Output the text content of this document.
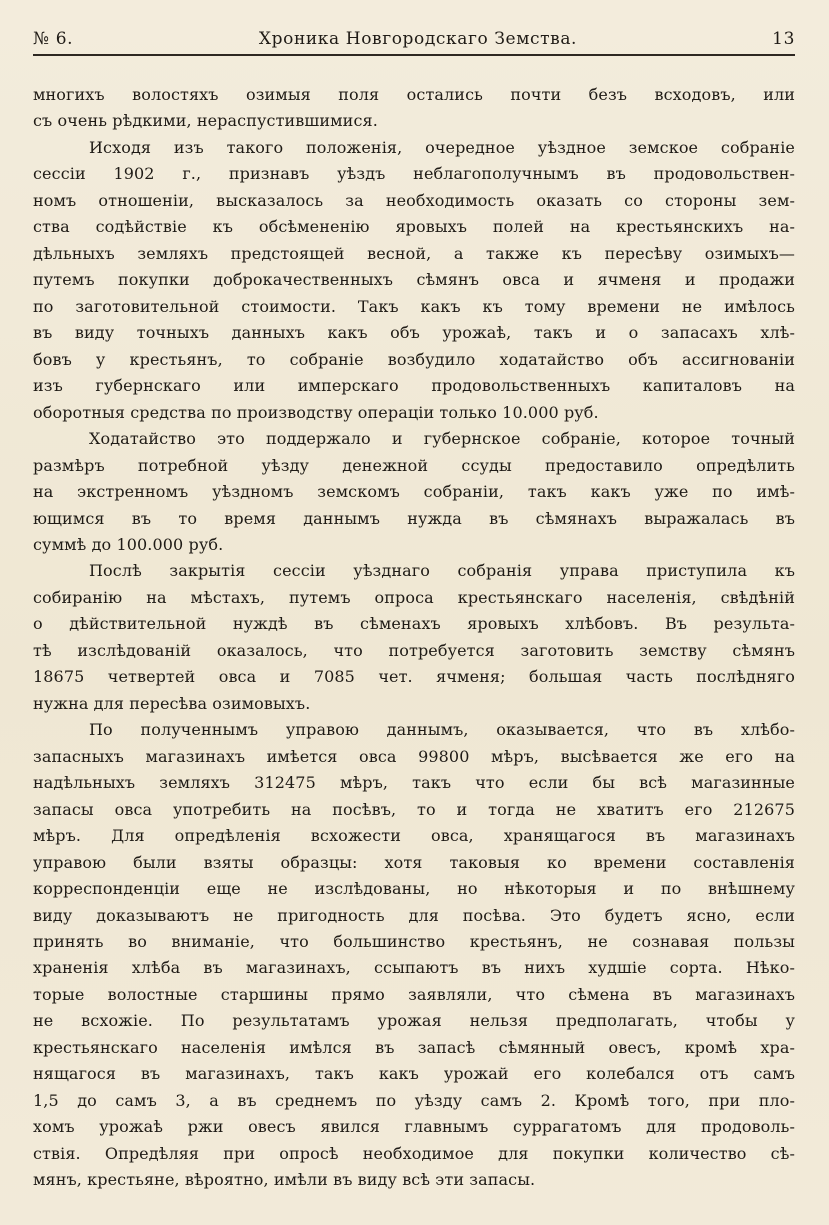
№ 6.	Хроника Новгородскаго Земства.	13
многихъ волостяхъ озимыя поля остались почти безъ всходовъ, или
съ очень рѣдкими, нераспустившимися.
Исходя изъ такого положенія, очередное уѣздное земское собраніе
сессіи 1902 г., признавъ уѣздъ неблагополучнымъ въ продовольствен-
номъ отношеніи, высказалось за необходимость оказать со стороны зем-
ства содѣйствіе къ обсѣмененію яровыхъ полей на крестьянскихъ на-
дѣльныхъ земляхъ предстоящей весной, а также къ пересѣву озимыхъ—
путемъ покупки доброкачественныхъ сѣмянъ овса и ячменя и продажи
по заготовительной стоимости. Такъ какъ къ тому времени не имѣлось
въ виду точныхъ данныхъ какъ объ урожаѣ, такъ и о запасахъ хлѣ-
бовъ у крестьянъ, то собраніе возбудило ходатайство объ ассигнованіи
изъ губернскаго или имперскаго продовольственныхъ капиталовъ на
оборотныя средства по производству операціи только 10.000 руб.
Ходатайство это поддержало и губернское собраніе, которое точный
размѣръ потребной уѣзду денежной ссуды предоставило опредѣлить
на экстренномъ уѣздномъ земскомъ собраніи, такъ какъ уже по имѣ-
ющимся въ то время даннымъ нужда въ сѣмянахъ выражалась въ
суммѣ до 100.000 руб.
Послѣ закрытія сессіи уѣзднаго собранія управа приступила къ
собиранію на мѣстахъ, путемъ опроса крестьянскаго населенія, свѣдѣній
о дѣйствительной нуждѣ въ сѣменахъ яровыхъ хлѣбовъ. Въ результа-
тѣ изслѣдованій оказалось, что потребуется заготовить земству сѣмянъ
18675 четвертей овса и 7085 чет. ячменя; большая часть послѣдняго
нужна для пересѣва озимовыхъ.
По полученнымъ управою даннымъ, оказывается, что въ хлѣбо-
запасныхъ магазинахъ имѣется овса 99800 мѣръ, высѣвается же его на
надѣльныхъ земляхъ 312475 мѣръ, такъ что если бы всѣ магазинные
запасы овса употребить на посѣвъ, то и тогда не хватитъ его 212675
мѣръ. Для опредѣленія всхожести овса, хранящагося въ магазинахъ
управою были взяты образцы: хотя таковыя ко времени составленія
корреспонденціи еще не изслѣдованы, но нѣкоторыя и по внѣшнему
виду доказываютъ не пригодность для посѣва. Это будетъ ясно, если
принять во вниманіе, что большинство крестьянъ, не сознавая пользы
храненія хлѣба въ магазинахъ, ссыпаютъ въ нихъ худшіе сорта. Нѣко-
торые волостные старшины прямо заявляли, что сѣмена въ магазинахъ
не всхожіе. По результатамъ урожая нельзя предполагать, чтобы у
крестьянскаго населенія имѣлся въ запасѣ сѣмянный овесъ, кромѣ хра-
нящагося въ магазинахъ, такъ какъ урожай его колебался отъ самъ
1,5 до самъ 3, а въ среднемъ по уѣзду самъ 2. Кромѣ того, при пло-
хомъ урожаѣ ржи овесъ явился главнымъ суррагатомъ для продоволь-
ствія. Опредѣляя при опросѣ необходимое для покупки количество сѣ-
мянъ, крестьяне, вѣроятно, имѣли въ виду всѣ эти запасы.
